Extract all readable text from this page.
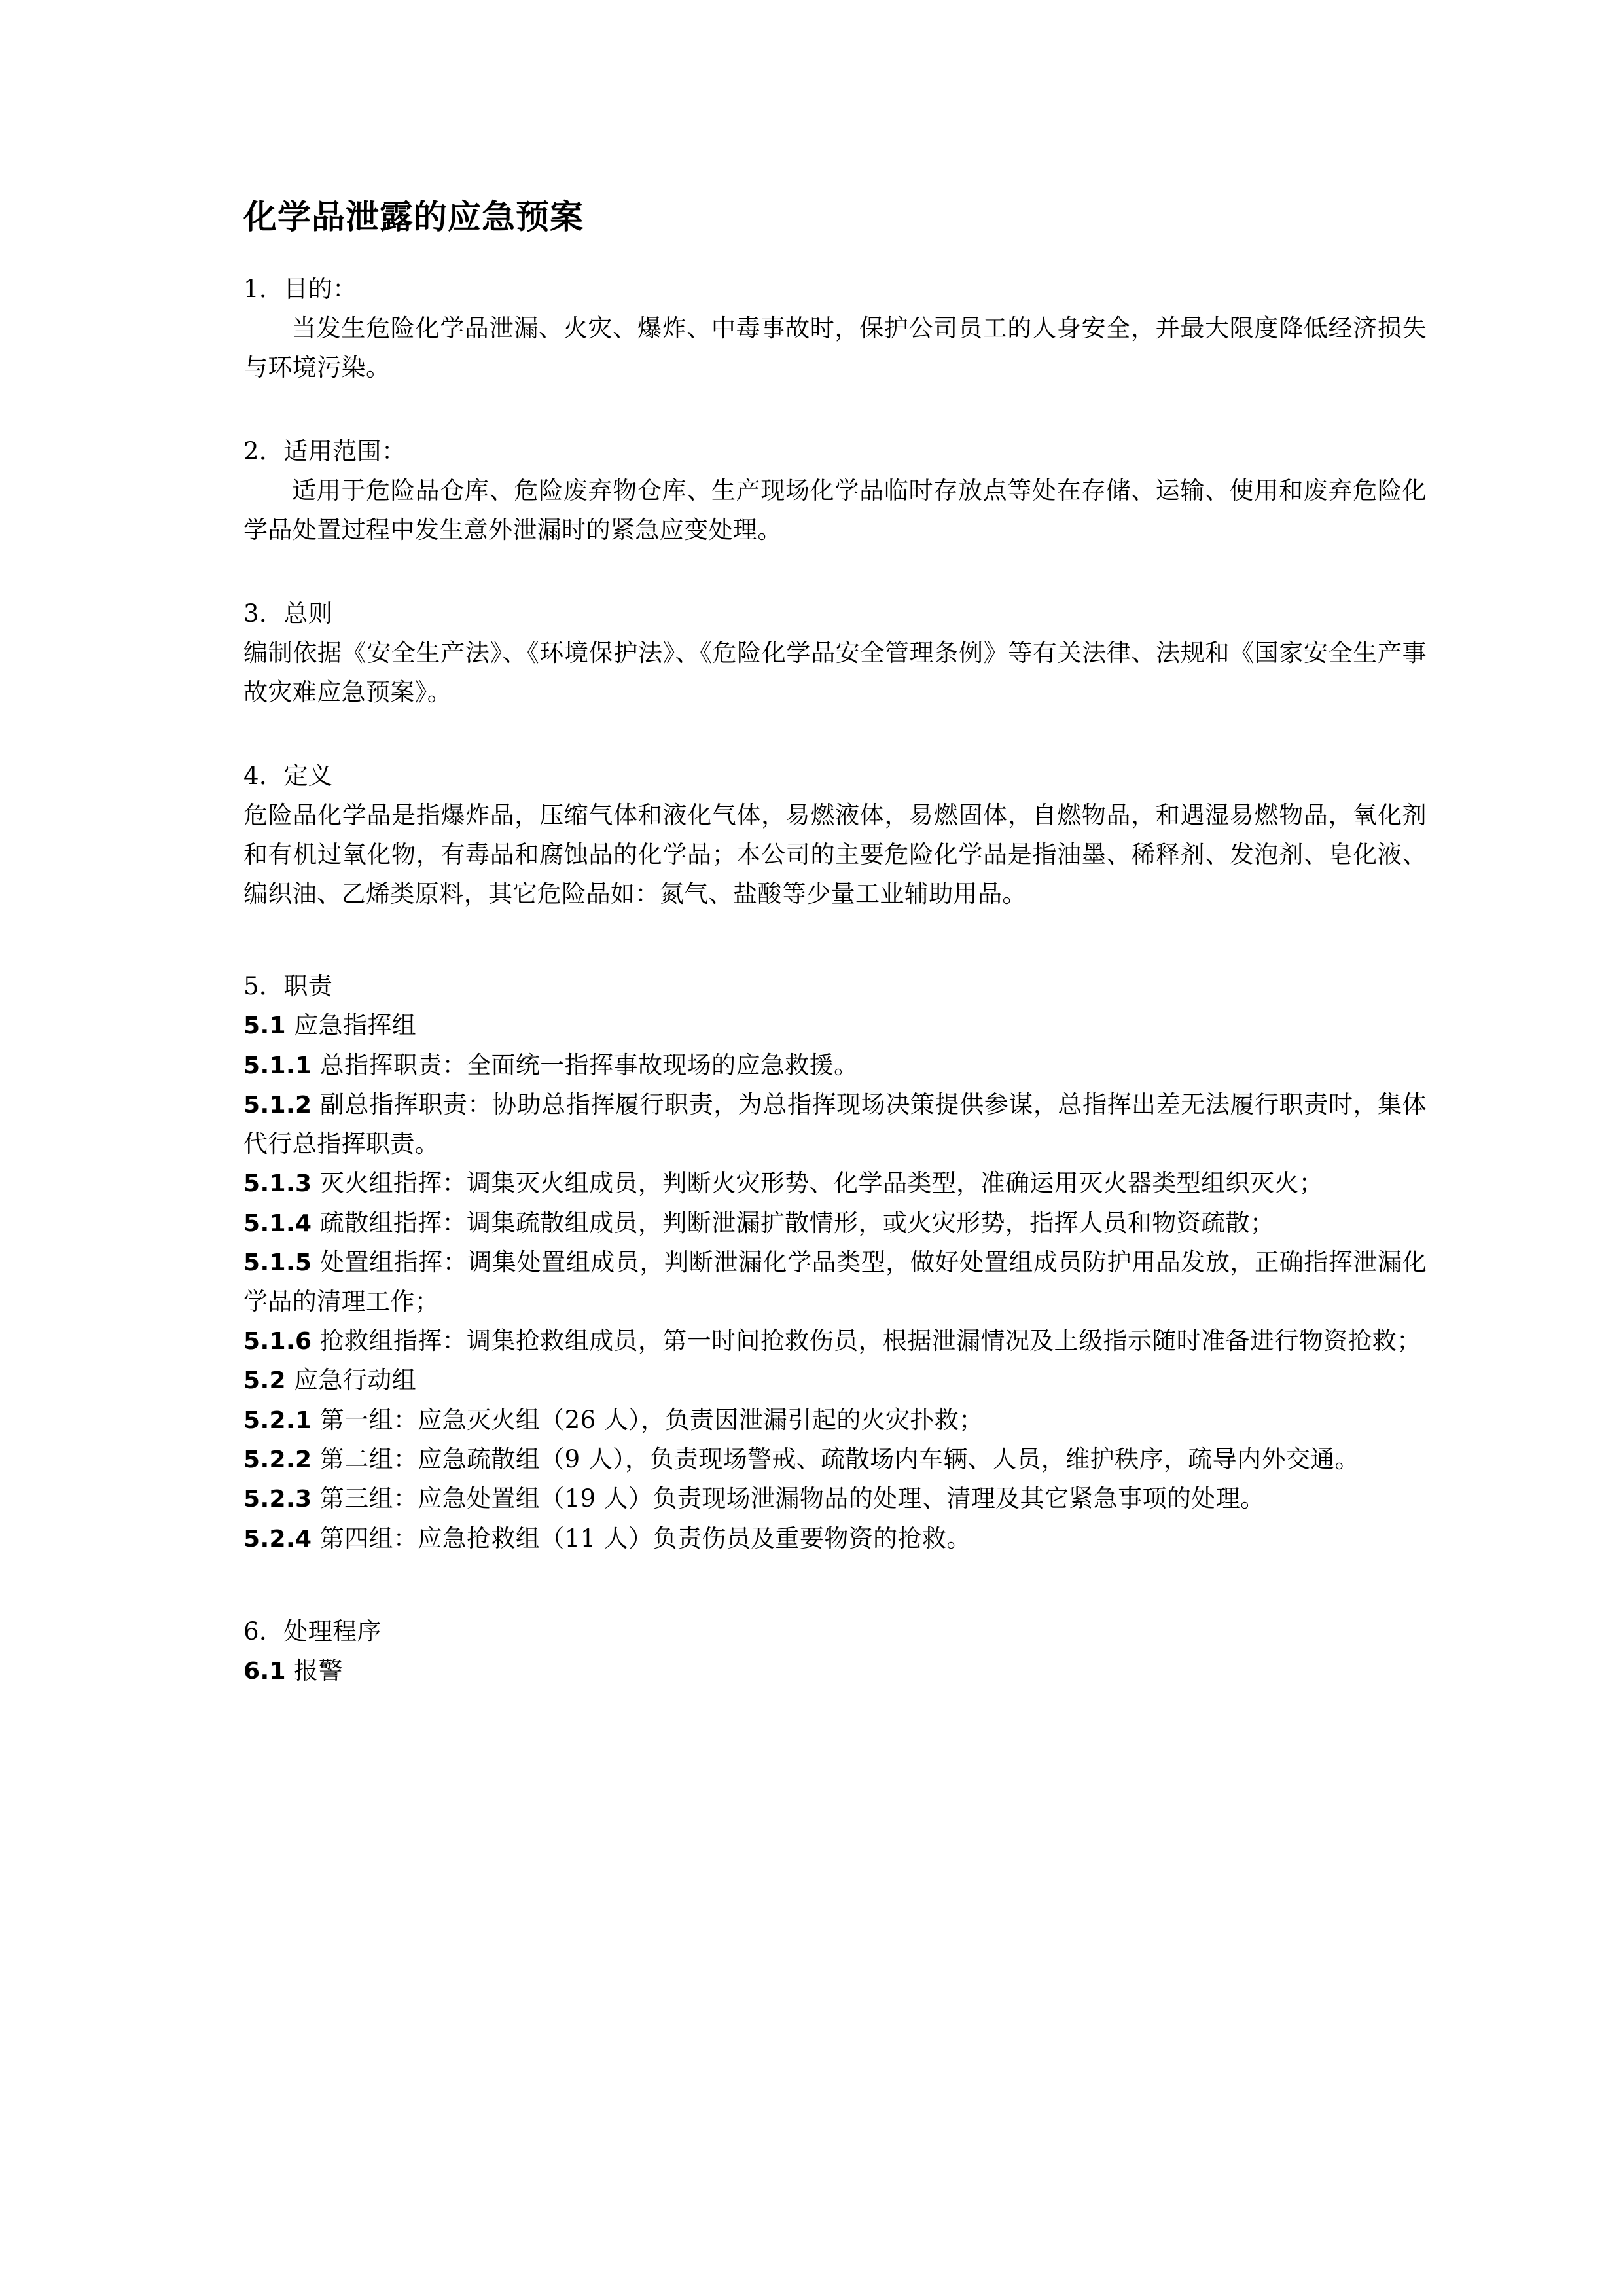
化学品泄露的应急预案

1．目的：

当发生危险化学品泄漏、火灾、爆炸、中毒事故时，保护公司员工的人身安全，并最大限度降低经济损失与环境污染。

2．适用范围：

适用于危险品仓库、危险废弃物仓库、生产现场化学品临时存放点等处在存储、运输、使用和废弃危险化学品处置过程中发生意外泄漏时的紧急应变处理。

3．总则

编制依据《安全生产法》、《环境保护法》、《危险化学品安全管理条例》等有关法律、法规和《国家安全生产事故灾难应急预案》。

4．定义

危险品化学品是指爆炸品，压缩气体和液化气体，易燃液体，易燃固体，自燃物品，和遇湿易燃物品，氧化剂和有机过氧化物，有毒品和腐蚀品的化学品；本公司的主要危险化学品是指油墨、稀释剂、发泡剂、皂化液、编织油、乙烯类原料，其它危险品如：氮气、盐酸等少量工业辅助用品。

5．职责

5.1 应急指挥组

5.1.1 总指挥职责：全面统一指挥事故现场的应急救援。

5.1.2 副总指挥职责：协助总指挥履行职责，为总指挥现场决策提供参谋，总指挥出差无法履行职责时，集体代行总指挥职责。

5.1.3 灭火组指挥：调集灭火组成员，判断火灾形势、化学品类型，准确运用灭火器类型组织灭火；

5.1.4 疏散组指挥：调集疏散组成员，判断泄漏扩散情形，或火灾形势，指挥人员和物资疏散；

5.1.5 处置组指挥：调集处置组成员，判断泄漏化学品类型，做好处置组成员防护用品发放，正确指挥泄漏化学品的清理工作；

5.1.6 抢救组指挥：调集抢救组成员，第一时间抢救伤员，根据泄漏情况及上级指示随时准备进行物资抢救；

5.2 应急行动组

5.2.1 第一组：应急灭火组（26 人），负责因泄漏引起的火灾扑救；

5.2.2 第二组：应急疏散组（9 人），负责现场警戒、疏散场内车辆、人员，维护秩序，疏导内外交通。

5.2.3 第三组：应急处置组（19 人）负责现场泄漏物品的处理、清理及其它紧急事项的处理。

5.2.4 第四组：应急抢救组（11 人）负责伤员及重要物资的抢救。

6．处理程序

6.1 报警
